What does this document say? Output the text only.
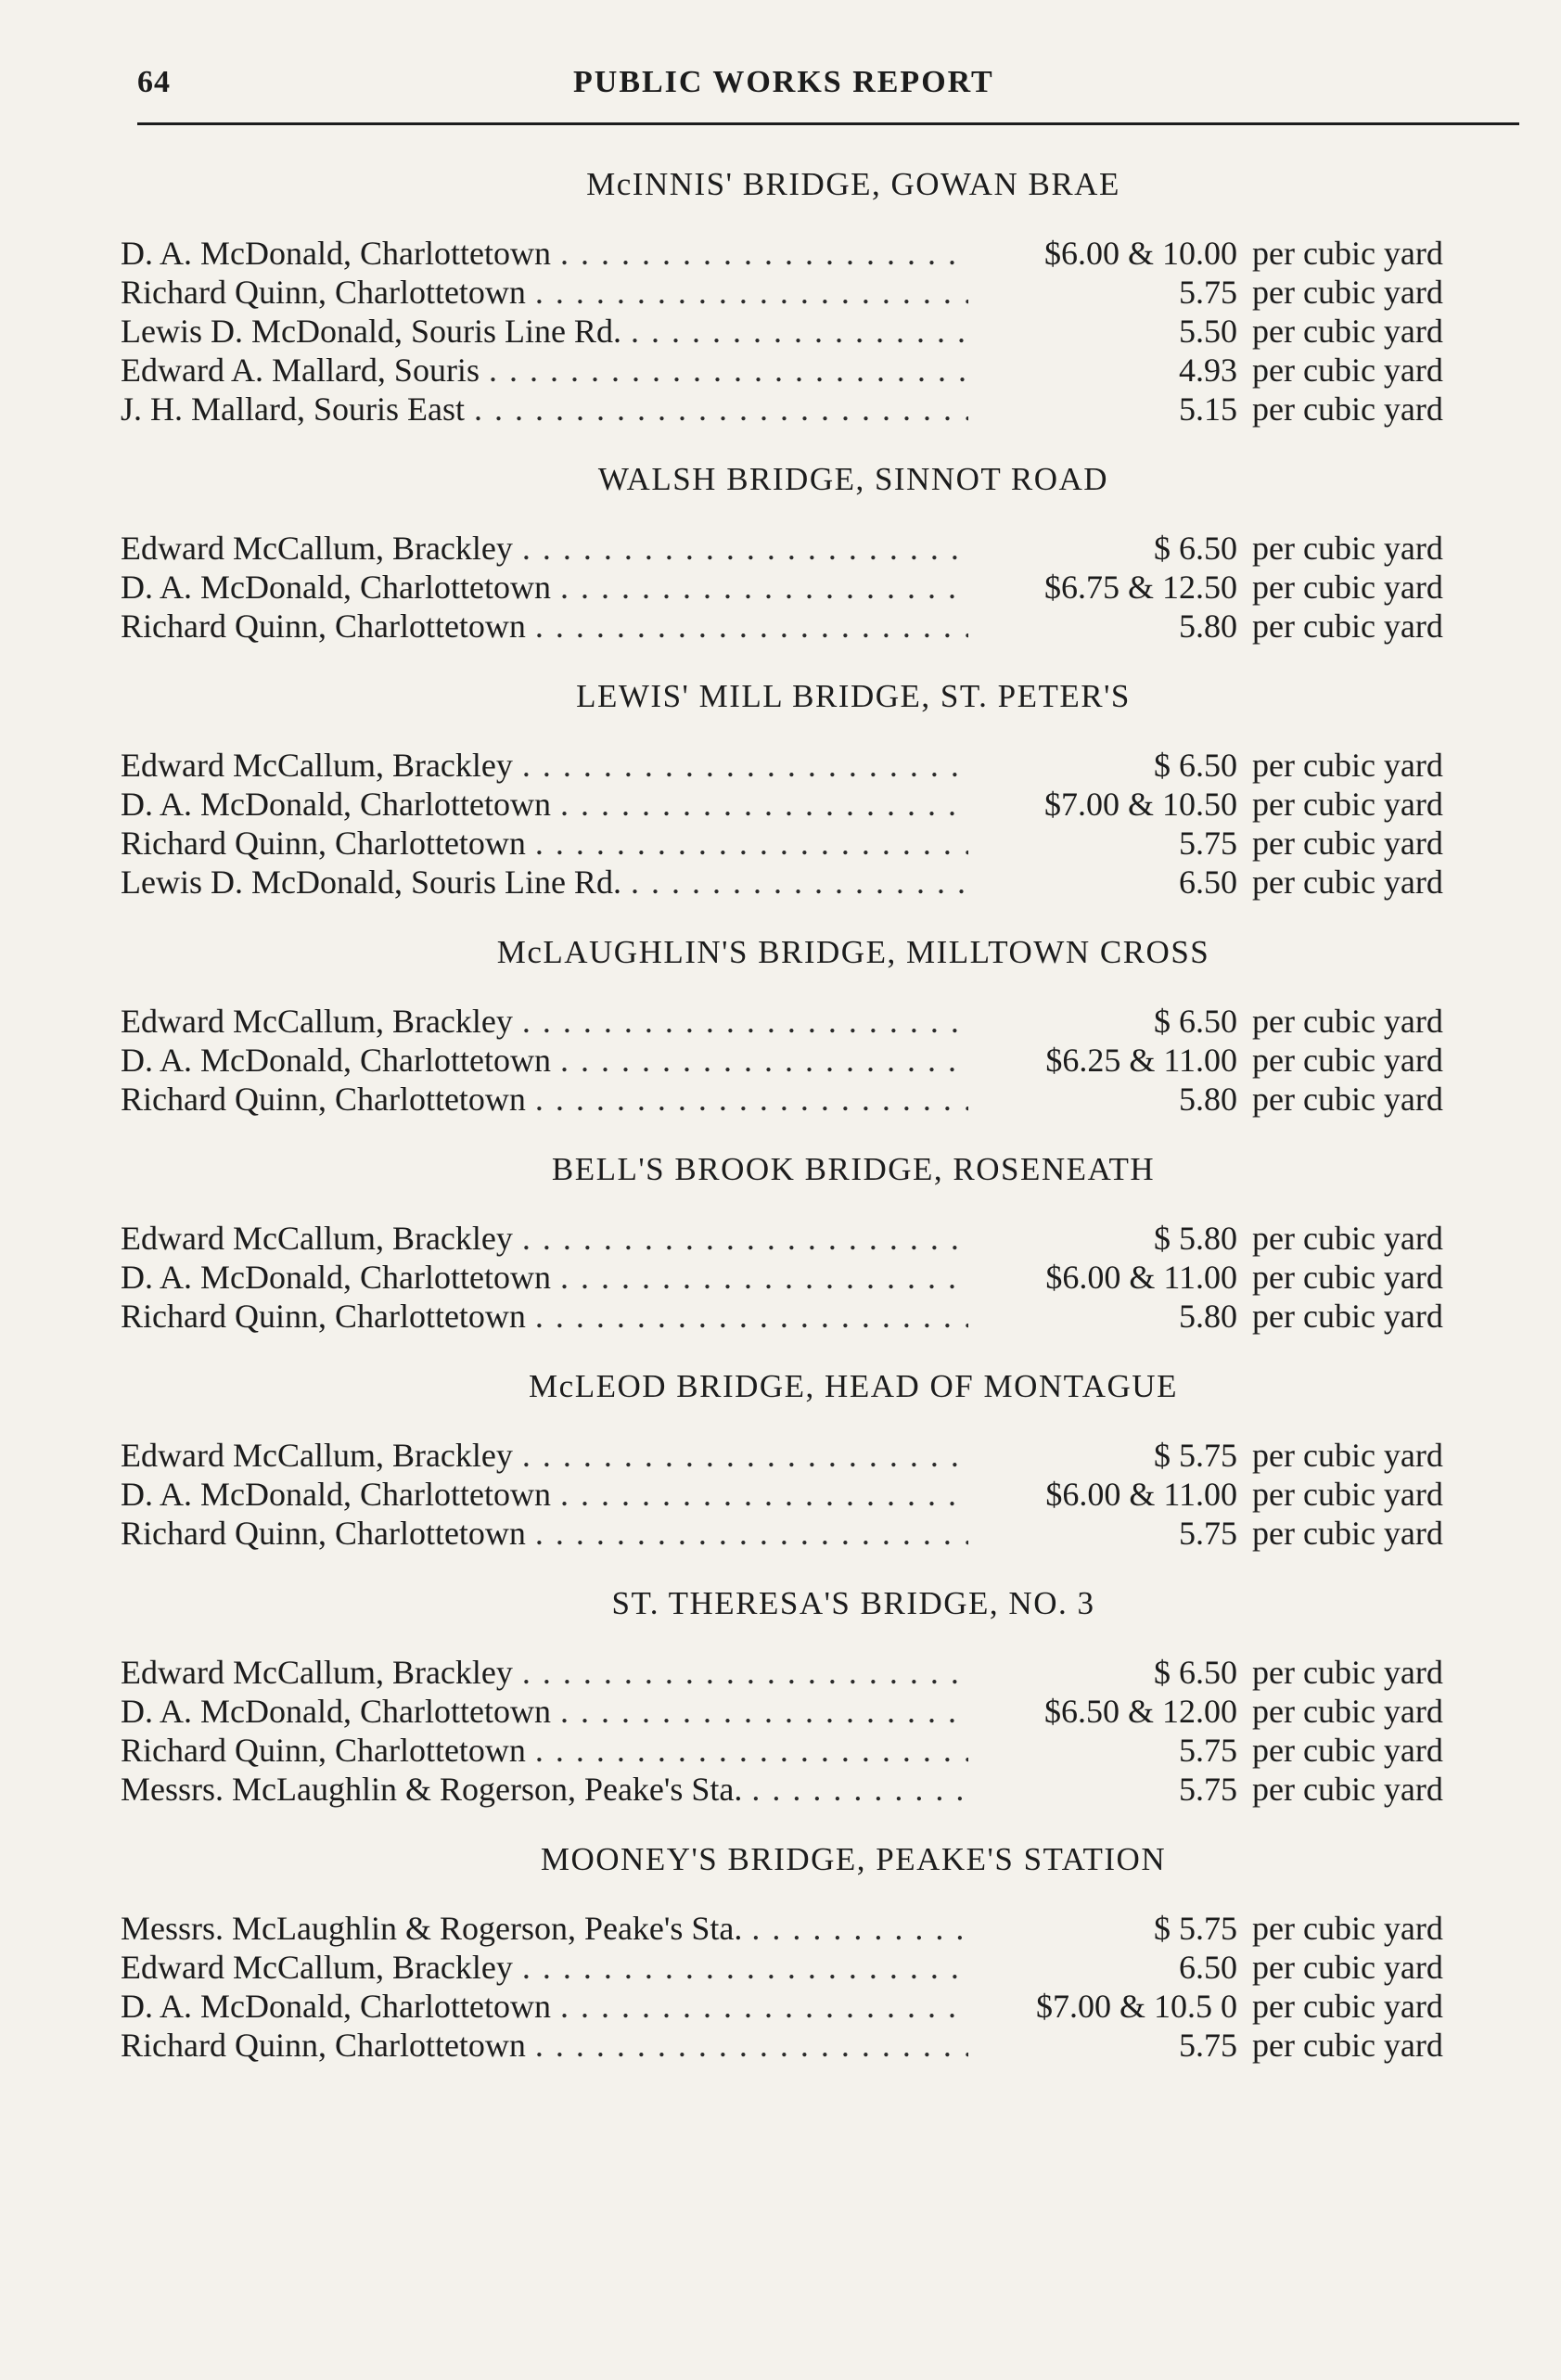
64	PUBLIC WORKS REPORT
McINNIS' BRIDGE, GOWAN BRAE
D. A. McDonald, Charlottetown . . .	$6.00 & 10.00 per cubic yard
Richard Quinn, Charlottetown . . .	5.75 per cubic yard
Lewis D. McDonald, Souris Line Rd. . . .	5.50 per cubic yard
Edward A. Mallard, Souris . . .	4.93 per cubic yard
J. H. Mallard, Souris East . . .	5.15 per cubic yard
WALSH BRIDGE, SINNOT ROAD
Edward McCallum, Brackley . . .	$ 6.50 per cubic yard
D. A. McDonald, Charlottetown . . .	$6.75 & 12.50 per cubic yard
Richard Quinn, Charlottetown . . .	5.80 per cubic yard
LEWIS' MILL BRIDGE, ST. PETER'S
Edward McCallum, Brackley . . .	$ 6.50 per cubic yard
D. A. McDonald, Charlottetown . . .	$7.00 & 10.50 per cubic yard
Richard Quinn, Charlottetown . . .	5.75 per cubic yard
Lewis D. McDonald, Souris Line Rd. . . .	6.50 per cubic yard
McLAUGHLIN'S BRIDGE, MILLTOWN CROSS
Edward McCallum, Brackley . . .	$ 6.50 per cubic yard
D. A. McDonald, Charlottetown . . .	$6.25 & 11.00 per cubic yard
Richard Quinn, Charlottetown . . .	5.80 per cubic yard
BELL'S BROOK BRIDGE, ROSENEATH
Edward McCallum, Brackley . . .	$ 5.80 per cubic yard
D. A. McDonald, Charlottetown . . .	$6.00 & 11.00 per cubic yard
Richard Quinn, Charlottetown . . .	5.80 per cubic yard
McLEOD BRIDGE, HEAD OF MONTAGUE
Edward McCallum, Brackley . . .	$ 5.75 per cubic yard
D. A. McDonald, Charlottetown . . .	$6.00 & 11.00 per cubic yard
Richard Quinn, Charlottetown . . .	5.75 per cubic yard
ST. THERESA'S BRIDGE, NO. 3
Edward McCallum, Brackley . . .	$ 6.50 per cubic yard
D. A. McDonald, Charlottetown . . .	$6.50 & 12.00 per cubic yard
Richard Quinn, Charlottetown . . .	5.75 per cubic yard
Messrs. McLaughlin & Rogerson, Peake's Sta. . . .	5.75 per cubic yard
MOONEY'S BRIDGE, PEAKE'S STATION
Messrs. McLaughlin & Rogerson, Peake's Sta. . . .	$ 5.75 per cubic yard
Edward McCallum, Brackley . . .	6.50 per cubic yard
D. A. McDonald, Charlottetown . . .	$7.00 & 10.5 0 per cubic yard
Richard Quinn, Charlottetown . . .	5.75 per cubic yard
